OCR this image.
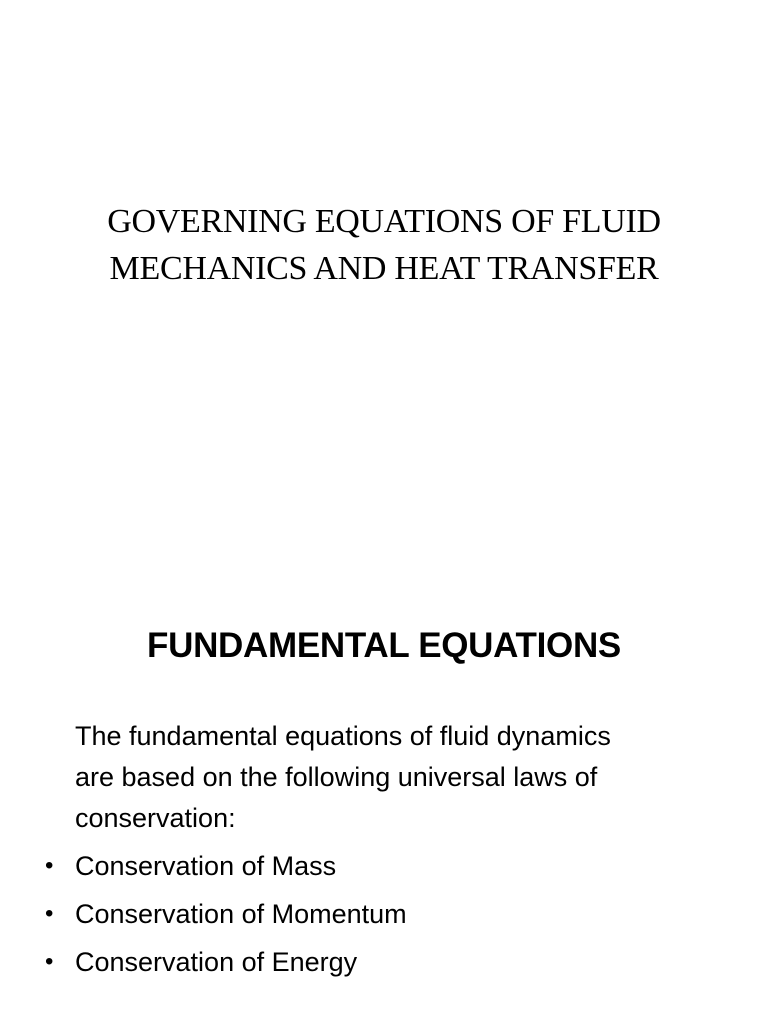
GOVERNING EQUATIONS OF FLUID
MECHANICS AND HEAT TRANSFER
FUNDAMENTAL EQUATIONS

The fundamental equations of fluid dynamics
are based on the following universal laws of
conservation:

• Conservation of Mass
• Conservation of Momentum
• Conservation of Energy
